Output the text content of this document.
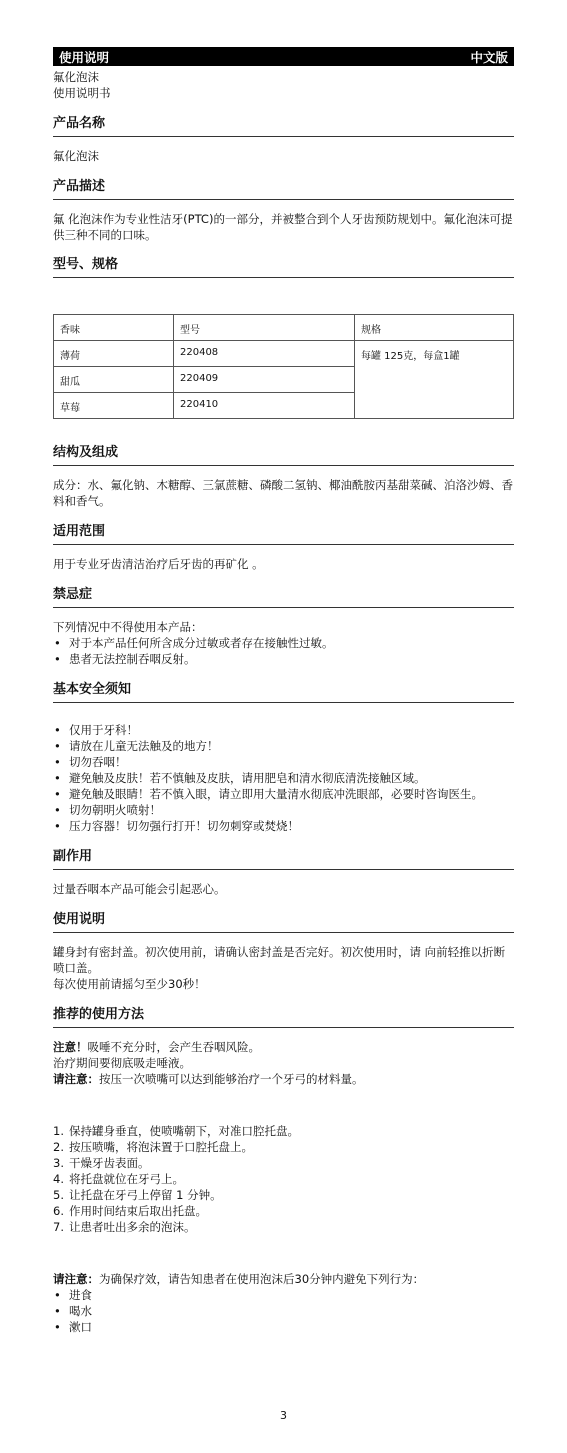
使用说明	中文版
氟化泡沫
使用说明书
产品名称

氟化泡沫

产品描述

氟 化泡沫作为专业性洁牙(PTC)的一部分，并被整合到个人牙齿预防规划中。氟化泡沫可提供三种不同的口味。

型号、规格
香味	型号	规格
薄荷	220408	每罐 125克，每盒1罐
甜瓜	220409	
草莓	220410	
结构及组成

成分：水、氟化钠、木糖醇、三氯蔗糖、磷酸二氢钠、椰油酰胺丙基甜菜碱、泊洛沙姆、香料和香气。

适用范围

用于专业牙齿清洁治疗后牙齿的再矿化 。

禁忌症

下列情况中不得使用本产品：

• 对于本产品任何所含成分过敏或者存在接触性过敏。
• 患者无法控制吞咽反射。
基本安全须知
• 仅用于牙科！
• 请放在儿童无法触及的地方！
• 切勿吞咽！
• 避免触及皮肤！若不慎触及皮肤，请用肥皂和清水彻底清洗接触区域。
• 避免触及眼睛！若不慎入眼，请立即用大量清水彻底冲洗眼部，必要时咨询医生。
• 切勿朝明火喷射！
• 压力容器！切勿强行打开！切勿刺穿或焚烧！
副作用

过量吞咽本产品可能会引起恶心。

使用说明

罐身封有密封盖。初次使用前，请确认密封盖是否完好。初次使用时，请 向前轻推以折断喷口盖。

每次使用前请摇匀至少30秒！

推荐的使用方法

注意！吸唾不充分时，会产生吞咽风险。

治疗期间要彻底吸走唾液。

请注意：按压一次喷嘴可以达到能够治疗一个牙弓的材料量。

1. 保持罐身垂直，使喷嘴朝下，对准口腔托盘。
2. 按压喷嘴，将泡沫置于口腔托盘上。
3. 干燥牙齿表面。
4. 将托盘就位在牙弓上。
5. 让托盘在牙弓上停留 1 分钟。
6. 作用时间结束后取出托盘。
7. 让患者吐出多余的泡沫。

请注意：为确保疗效，请告知患者在使用泡沫后30分钟内避免下列行为：

• 进食
• 喝水
• 漱口
3
